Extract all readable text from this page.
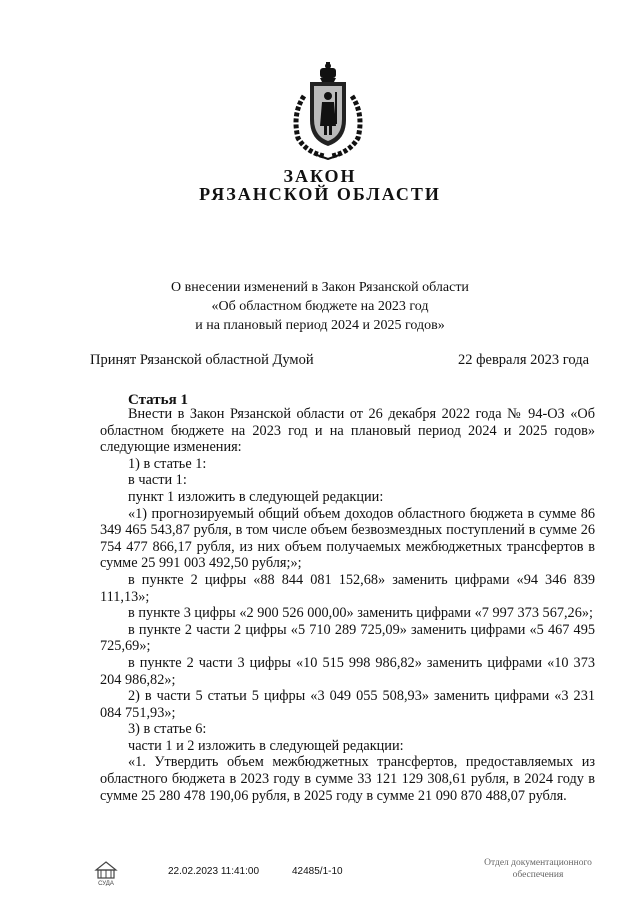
ЗАКОН
РЯЗАНСКОЙ ОБЛАСТИ
О внесении изменений в Закон Рязанской области
«Об областном бюджете на 2023 год
и на плановый период 2024 и 2025 годов»
Принят Рязанской областной Думой	22 февраля 2023 года
Статья 1

Внести в Закон Рязанской области от 26 декабря 2022 года № 94-ОЗ «Об областном бюджете на 2023 год и на плановый период 2024 и 2025 годов» следующие изменения:

1) в статье 1:

в части 1:

пункт 1 изложить в следующей редакции:

«1) прогнозируемый общий объем доходов областного бюджета в сумме 86 349 465 543,87 рубля, в том числе объем безвозмездных поступлений в сумме 26 754 477 866,17 рубля, из них объем получаемых межбюджетных трансфертов в сумме 25 991 003 492,50 рубля;»;

в пункте 2 цифры «88 844 081 152,68» заменить цифрами «94 346 839 111,13»;

в пункте 3 цифры «2 900 526 000,00» заменить цифрами «7 997 373 567,26»;

в пункте 2 части 2 цифры «5 710 289 725,09» заменить цифрами «5 467 495 725,69»;

в пункте 2 части 3 цифры «10 515 998 986,82» заменить цифрами «10 373 204 986,82»;

2) в части 5 статьи 5 цифры «3 049 055 508,93» заменить цифрами «3 231 084 751,93»;

3) в статье 6:

части 1 и 2 изложить в следующей редакции:

«1. Утвердить объем межбюджетных трансфертов, предоставляемых из областного бюджета в 2023 году в сумме 33 121 129 308,61 рубля, в 2024 году в сумме 25 280 478 190,06 рубля, в 2025 году в сумме 21 090 870 488,07 рубля.

СУДА
22.02.2023 11:41:00	42485/1-10
Отдел документационного
обеспечения
